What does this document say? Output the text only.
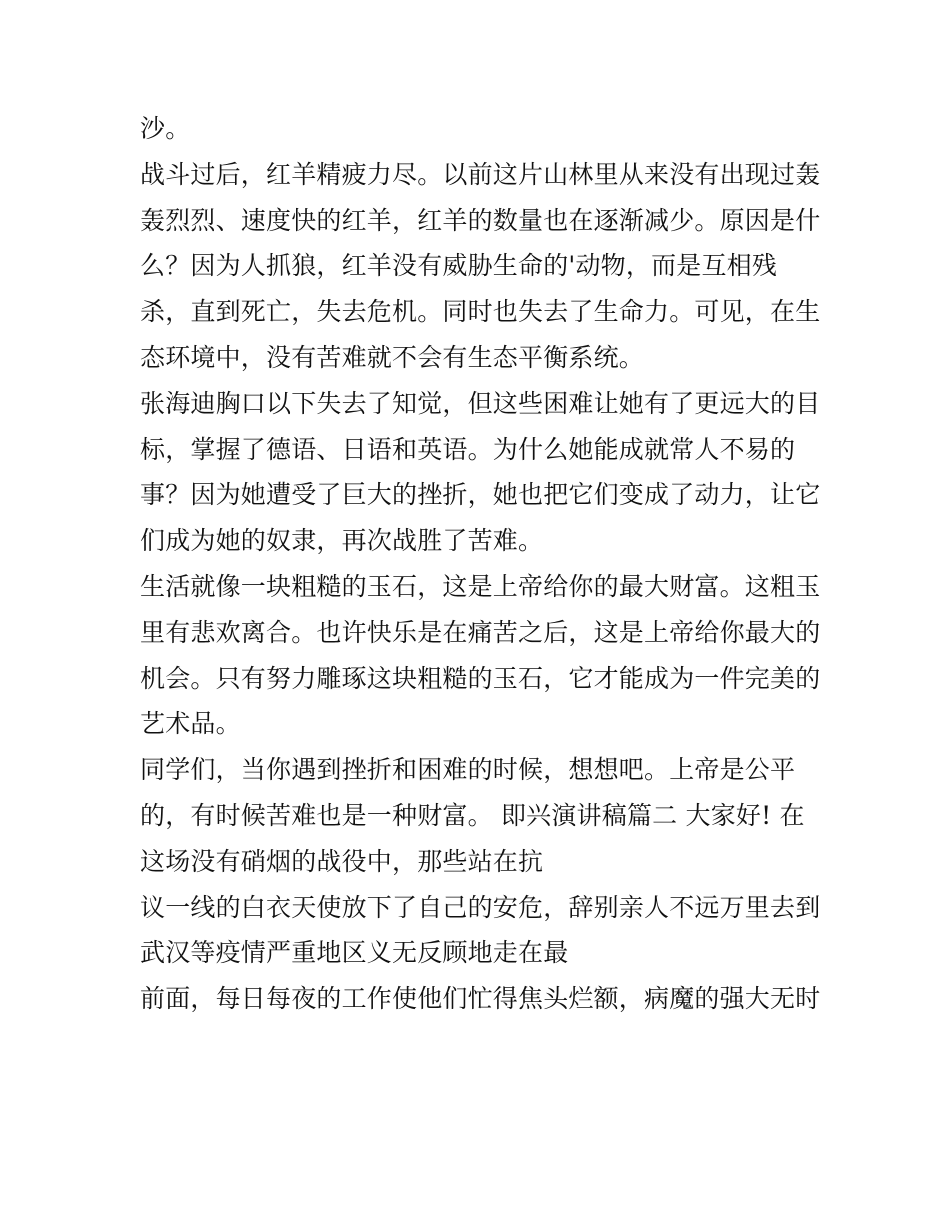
沙。
战斗过后，红羊精疲力尽。以前这片山林里从来没有出现过轰
轰烈烈、速度快的红羊，红羊的数量也在逐渐减少。原因是什
么？因为人抓狼，红羊没有威胁生命的'动物，而是互相残
杀，直到死亡，失去危机。同时也失去了生命力。可见，在生
态环境中，没有苦难就不会有生态平衡系统。
张海迪胸口以下失去了知觉，但这些困难让她有了更远大的目
标，掌握了德语、日语和英语。为什么她能成就常人不易的
事？因为她遭受了巨大的挫折，她也把它们变成了动力，让它
们成为她的奴隶，再次战胜了苦难。
生活就像一块粗糙的玉石，这是上帝给你的最大财富。这粗玉
里有悲欢离合。也许快乐是在痛苦之后，这是上帝给你最大的
机会。只有努力雕琢这块粗糙的玉石，它才能成为一件完美的
艺术品。
同学们，当你遇到挫折和困难的时候，想想吧。上帝是公平
的，有时候苦难也是一种财富。 即兴演讲稿篇二 大家好! 在
这场没有硝烟的战役中，那些站在抗
议一线的白衣天使放下了自己的安危，辞别亲人不远万里去到
武汉等疫情严重地区义无反顾地走在最
前面，每日每夜的工作使他们忙得焦头烂额，病魔的强大无时
